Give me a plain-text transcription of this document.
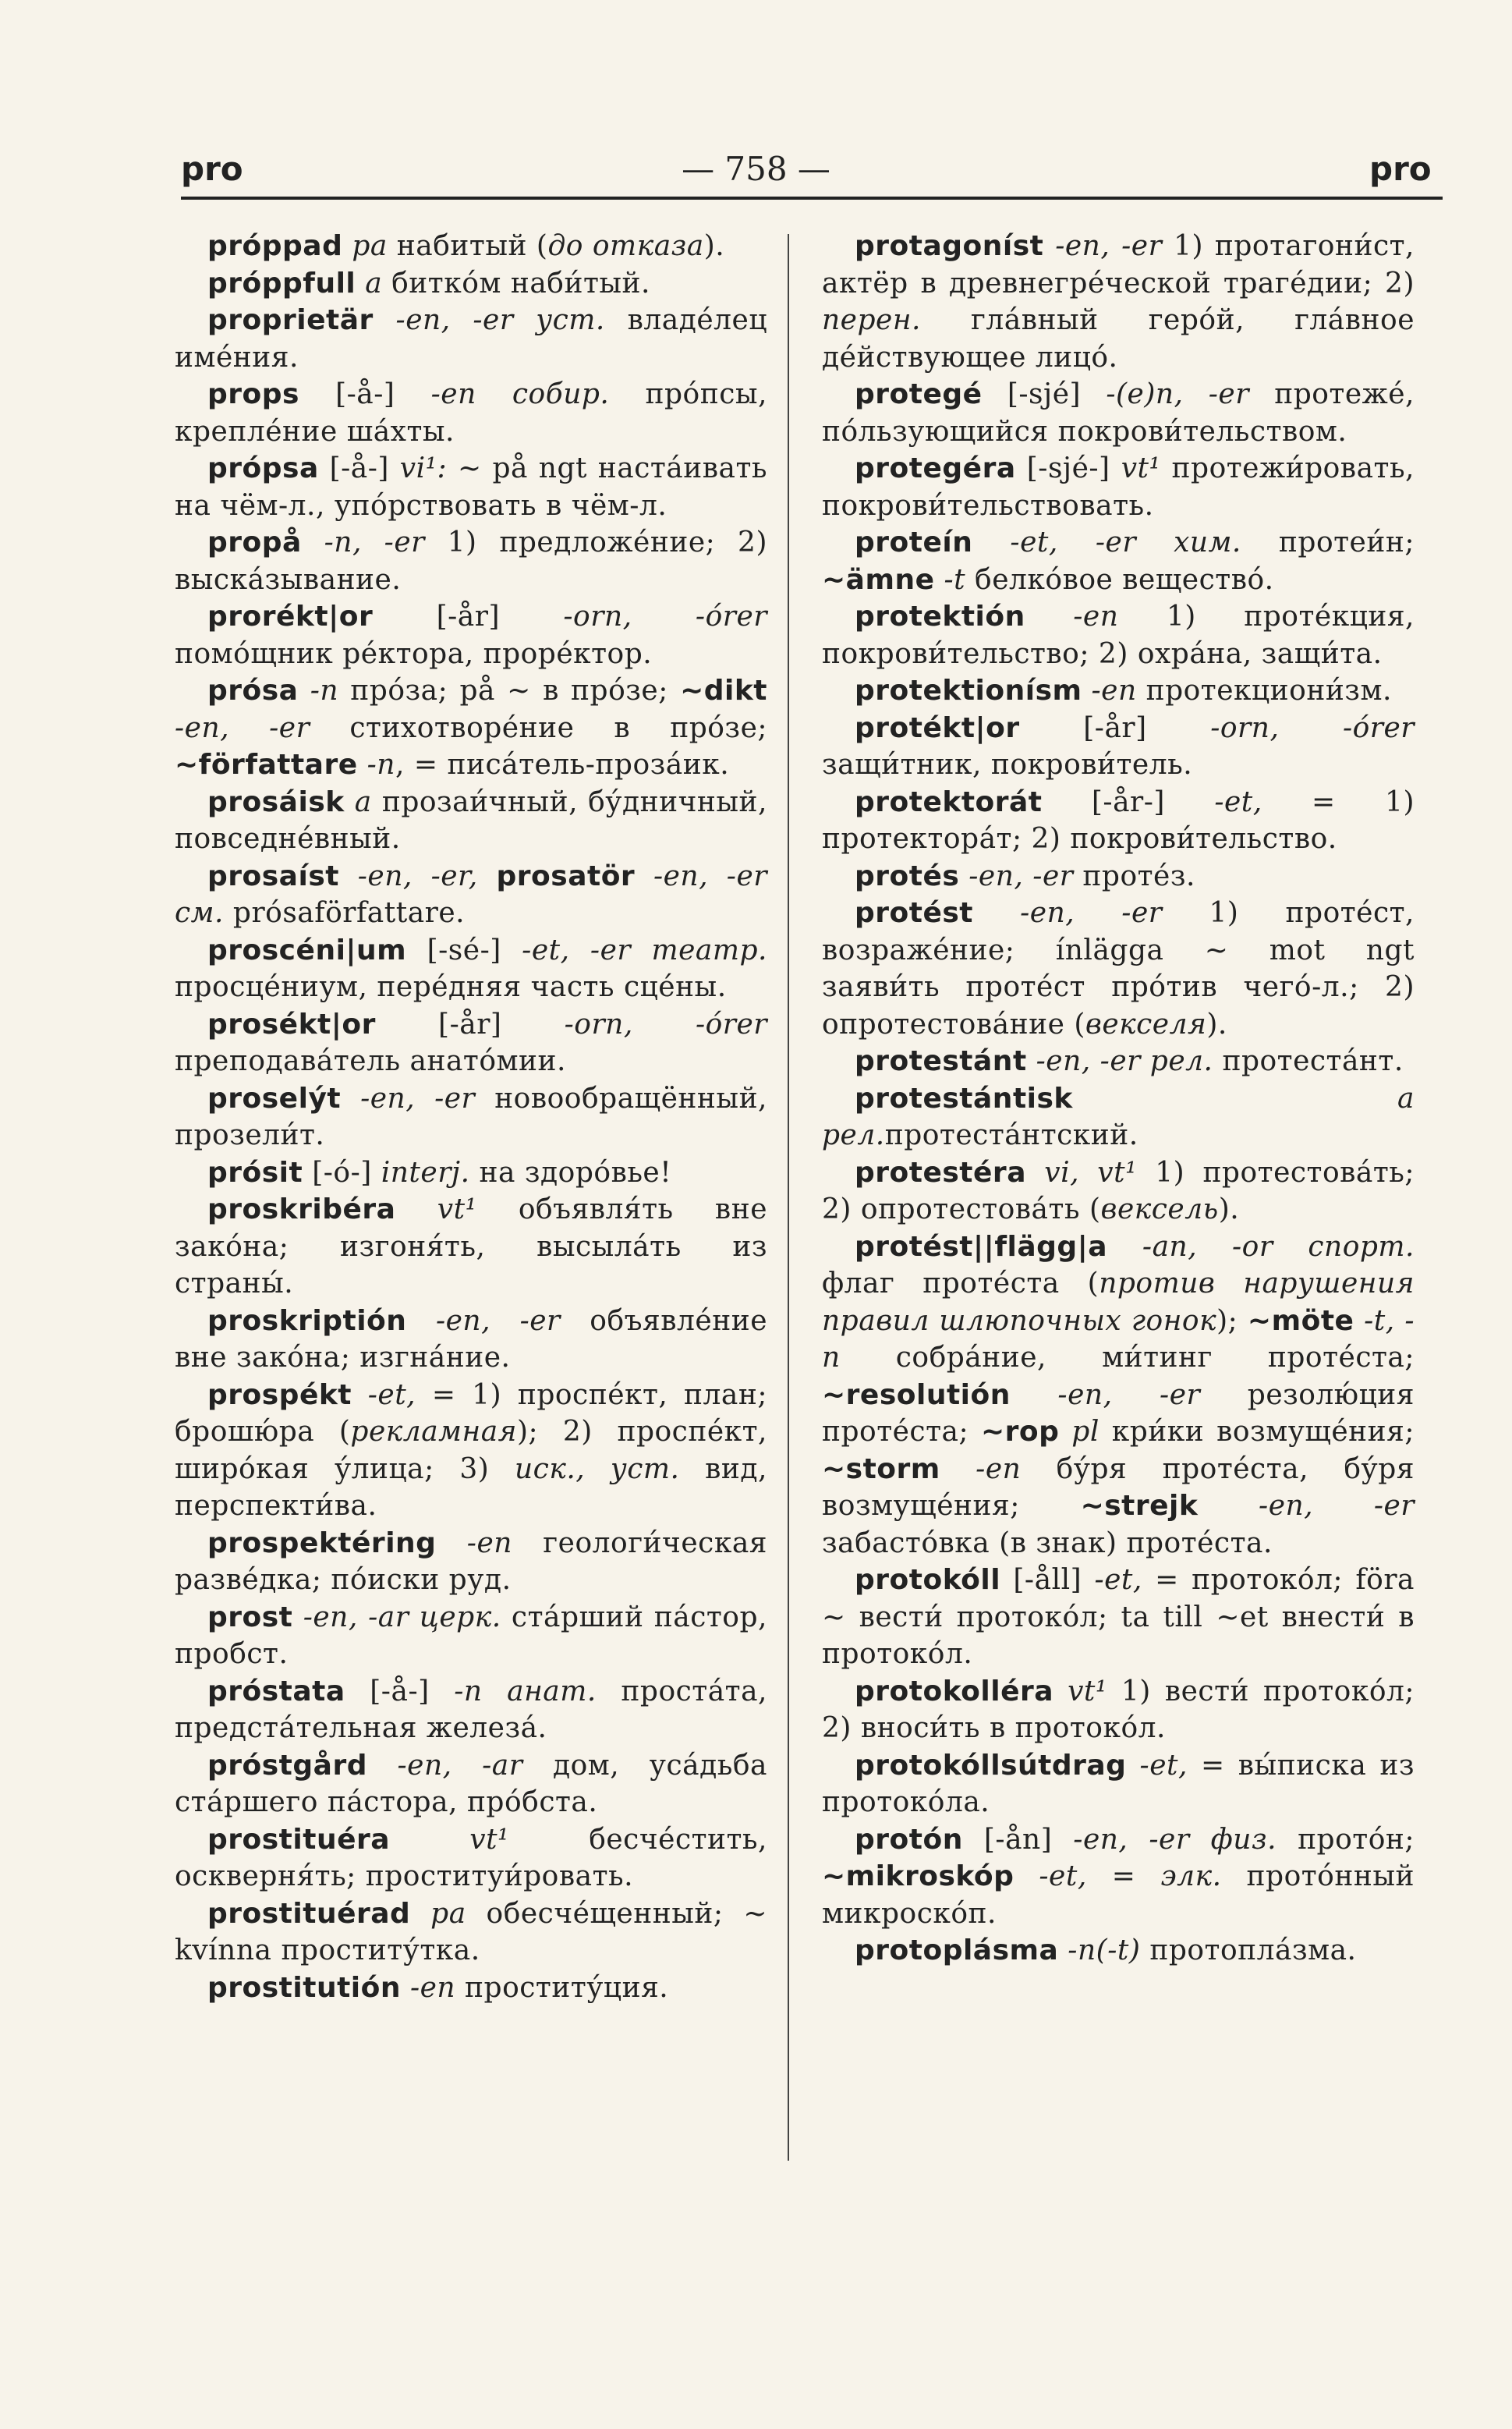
pro	— 758 —	pro

próppad pa набитый (до отказа).​

próppfull a битко́м наби́тый.

proprietär -en, -er уст. владе́лец име́ния.

props [-å-] -en собир. про́псы, крепле́ние ша́хты.

própsa [-å-] vi¹: ~ på ngt наста́ивать на чём-л., упо́рствовать в чём-л.

propå -n, -er 1) предложе́ние; 2) выска́зывание.

prorékt|or [-år] -orn, -órer помо́щник ре́ктора, проре́ктор.

prósa -n про́за; på ~ в про́зе; ~dikt -en, -er стихотворе́ние в про́зе; ~författare -n, = писа́тель-проза́ик.

prosáisk a прозаи́чный, бу́дничный, повседне́вный.

prosaíst -en, -er, prosatör -en, -er см. prósaförfattare.

proscéni|um [-sé-] -et, -er театр. просце́ниум, пере́дняя часть сце́ны.

prosékt|or [-år] -orn, -órer преподава́тель анато́мии.

proselýt -en, -er новообращённый, прозели́т.

prósit [-ó-] interj. на здоро́вье!

proskribéra vt¹ объявля́ть вне зако́на; изгоня́ть, высыла́ть из страны́.

proskriptión -en, -er объявле́ние вне зако́на; изгна́ние.

prospékt -et, = 1) проспе́кт, план; брошю́ра (рекламная); 2) проспе́кт, широ́кая у́лица; 3) иск., уст. вид, перспекти́ва.

prospektéring -en геологи́ческая разве́дка; по́иски руд.

prost -en, -ar церк. ста́рший па́стор, пробст.

próstata [-å-] -n анат. проста́та, предста́тельная железа́.

próstgård -en, -ar дом, уса́дьба ста́ршего па́стора, про́бста.

prostituéra	vt¹ бесче́стить, оскверня́ть; проституи́ровать.

prostituérad pa обесче́щенный; ~ kvínna проститу́тка.

prostitutión -en проститу́ция.

protagoníst -en, -er 1) протагони́ст, актёр в древнегре́ческой траге́дии; 2) перен. гла́вный геро́й, гла́вное де́йствующее лицо́.

protegé [-sjé] -(e)n, -er протеже́, по́льзующийся покрови́тельством.

protegéra [-sjé-] vt¹ протежи́ровать, покрови́тельствовать.

proteín -et, -er хим. протеи́н; ~ämne -t белко́вое вещество́.

protektión -en 1) проте́кция, покрови́тельство; 2) охра́на, защи́та.

protektionísm -en протекциони́зм.

protékt|or [-år] -orn, -órer защи́тник, покрови́тель.

protektorát [-år-] -et, = 1) протектора́т; 2) покрови́тельство.

protés -en, -er проте́з.

protést -en, -er 1) проте́ст, возраже́ние; ínlägga ~ mot ngt заяви́ть проте́ст про́тив чего́-л.; 2) опротестова́ние (векселя).

protestánt -en, -er рел. протеста́нт.

protestántisk	a рел.протеста́нтский.

protestéra vi, vt¹ 1) протестова́ть; 2) опротестова́ть (вексель).

protést||flägg|a -an, -or спорт. флаг проте́ста (против нарушения правил шлюпочных гонок); ~möte -t, -n собра́ние, ми́тинг проте́ста; ~resolutión -en, -er резолю́ция проте́ста; ~rop pl кри́ки возмуще́ния; ~storm -en бу́ря проте́ста, бу́ря возмуще́ния; ~strejk -en, -er забасто́вка (в знак) проте́ста.

protokóll [-åll] -et, = протоко́л; föra ~ вести́ протоко́л; ta till ~et внести́ в протоко́л.

protokolléra vt¹ 1) вести́ протоко́л; 2) вноси́ть в протоко́л.

protokóllsútdrag -et, = вы́писка из протоко́ла.

protón [-ån] -en, -er физ. прото́н; ~mikroskóp -et, = элк. прото́нный микроско́п.

protoplásma -n(-t) протопла́зма.
